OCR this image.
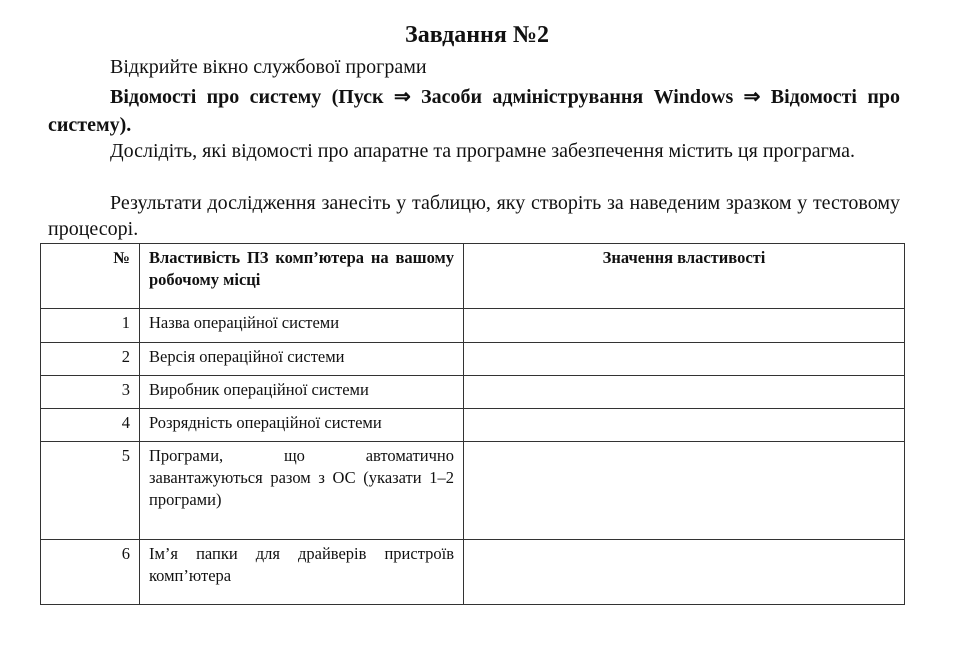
Завдання №2
Відкрийте вікно службової програми
Відомості про систему (Пуск ⇒ Засоби адміністрування Windows ⇒ Відомості про систему).
Дослідіть, які відомості про апаратне та програмне забезпечення містить ця програгма.
Результати дослідження занесіть у таблицю, яку створіть за наведеним зразком у тестовому процесорі.
№	Властивість ПЗ комп’ютера на вашому робочому місці	Значення властивості
1	Назва операційної системи	
2	Версія операційної системи	
3	Виробник операційної системи	
4	Розрядність операційної системи	
5	Програми, що автоматично завантажуються разом з ОС (указати 1–2 програми)	
6	Ім’я папки для драйверів пристроїв комп’ютера	
